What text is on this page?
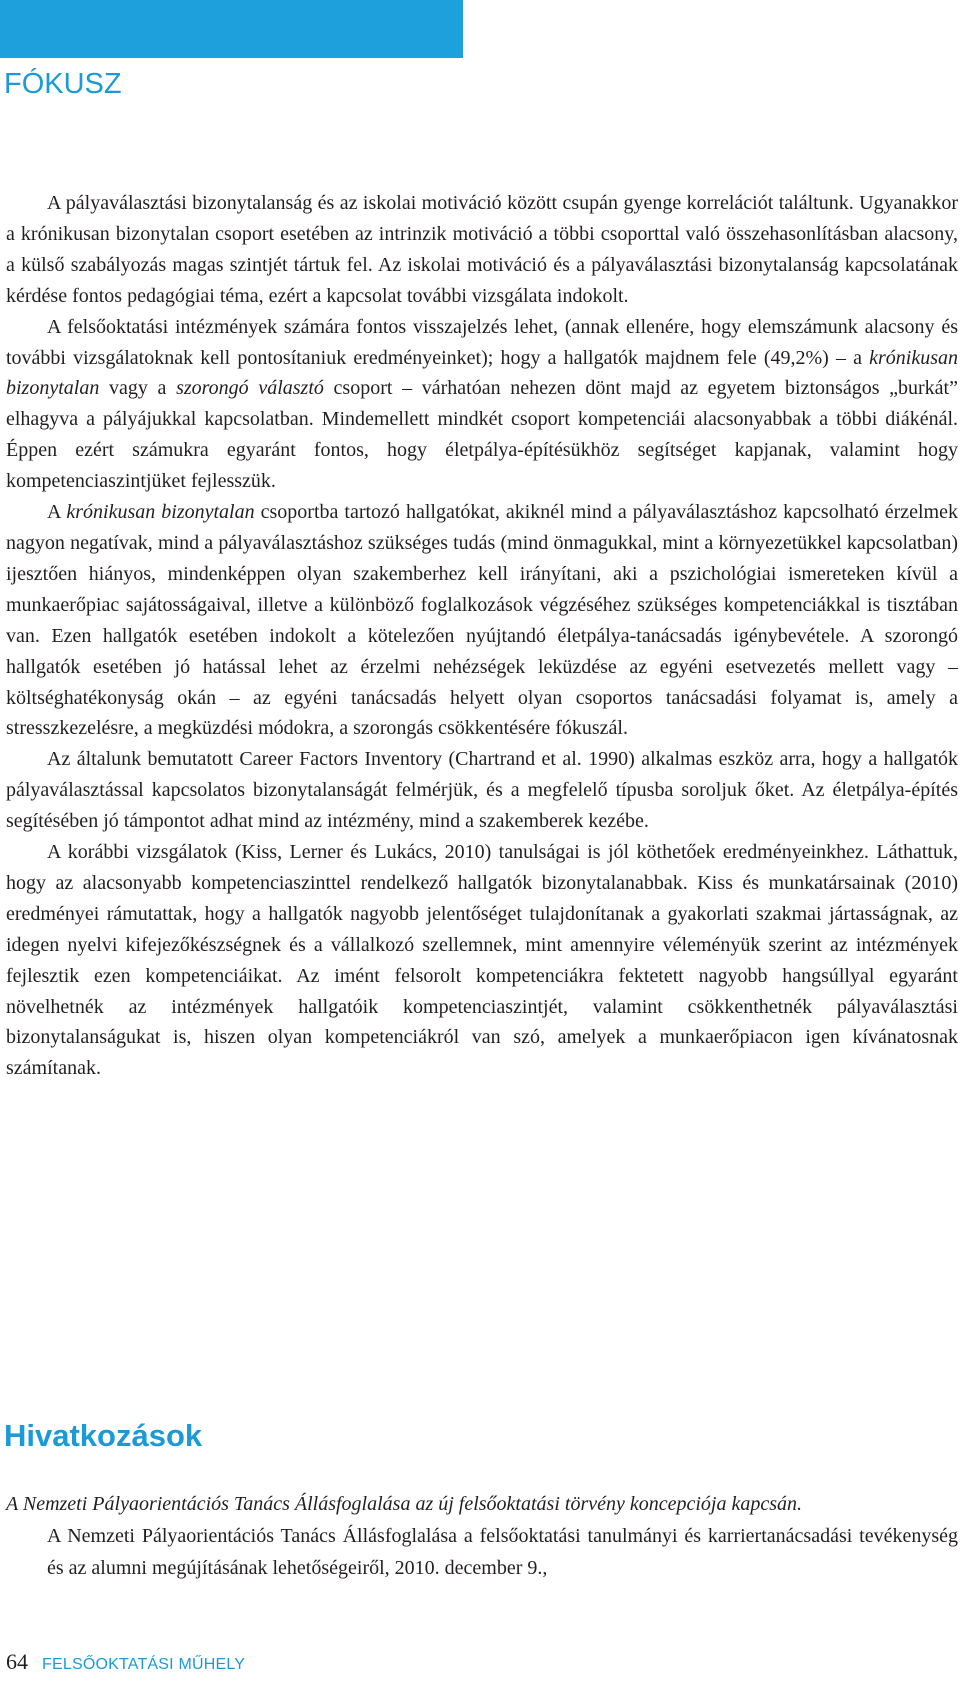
FÓKUSZ

A pályaválasztási bizonytalanság és az iskolai motiváció között csupán gyenge korrelációt találtunk. Ugyanakkor a krónikusan bizonytalan csoport esetében az intrinzik motiváció a többi csoporttal való összehasonlításban alacsony, a külső szabályozás magas szintjét tártuk fel. Az iskolai motiváció és a pályaválasztási bizonytalanság kapcsolatának kérdése fontos pedagógiai téma, ezért a kapcsolat további vizsgálata indokolt.

A felsőoktatási intézmények számára fontos visszajelzés lehet, (annak ellenére, hogy elemszámunk alacsony és további vizsgálatoknak kell pontosítaniuk eredményeinket); hogy a hallgatók majdnem fele (49,2%) ‒ a krónikusan bizonytalan vagy a szorongó választó csoport ‒ várhatóan nehezen dönt majd az egyetem biztonságos „burkát” elhagyva a pályájukkal kapcsolatban. Mindemellett mindkét csoport kompetenciái alacsonyabbak a többi diákénál. Éppen ezért számukra egyaránt fontos, hogy életpálya-építésükhöz segítséget kapjanak, valamint hogy kompetenciaszintjüket fejlesszük.

A krónikusan bizonytalan csoportba tartozó hallgatókat, akiknél mind a pályaválasztáshoz kapcsolható érzelmek nagyon negatívak, mind a pályaválasztáshoz szükséges tudás (mind önmagukkal, mint a környezetükkel kapcsolatban) ijesztően hiányos, mindenképpen olyan szakemberhez kell irányítani, aki a pszichológiai ismereteken kívül a munkaerőpiac sajátosságaival, illetve a különböző foglalkozások végzéséhez szükséges kompetenciákkal is tisztában van. Ezen hallgatók esetében indokolt a kötelezően nyújtandó életpálya-tanácsadás igénybevétele. A szorongó hallgatók esetében jó hatással lehet az érzelmi nehézségek leküzdése az egyéni esetvezetés mellett vagy ‒ költséghatékonyság okán ‒ az egyéni tanácsadás helyett olyan csoportos tanácsadási folyamat is, amely a stresszkezelésre, a megküzdési módokra, a szorongás csökkentésére fókuszál.

Az általunk bemutatott Career Factors Inventory (Chartrand et al. 1990) alkalmas eszköz arra, hogy a hallgatók pályaválasztással kapcsolatos bizonytalanságát felmérjük, és a megfelelő típusba soroljuk őket. Az életpálya-építés segítésében jó támpontot adhat mind az intézmény, mind a szakemberek kezébe.

A korábbi vizsgálatok (Kiss, Lerner és Lukács, 2010) tanulságai is jól köthetőek eredményeinkhez. Láthattuk, hogy az alacsonyabb kompetenciaszinttel rendelkező hallgatók bizonytalanabbak. Kiss és munkatársainak (2010) eredményei rámutattak, hogy a hallgatók nagyobb jelentőséget tulajdonítanak a gyakorlati szakmai jártasságnak, az idegen nyelvi kifejezőkészségnek és a vállalkozó szellemnek, mint amennyire véleményük szerint az intézmények fejlesztik ezen kompetenciáikat. Az imént felsorolt kompetenciákra fektetett nagyobb hangsúllyal egyaránt növelhetnék az intézmények hallgatóik kompetenciaszintjét, valamint csökkenthetnék pályaválasztási bizonytalanságukat is, hiszen olyan kompetenciákról van szó, amelyek a munkaerőpiacon igen kívánatosnak számítanak.

Hivatkozások

A Nemzeti Pályaorientációs Tanács Állásfoglalása az új felsőoktatási törvény koncepciója kapcsán.

A Nemzeti Pályaorientációs Tanács Állásfoglalása a felsőoktatási tanulmányi és karriertanácsadási tevékenység és az alumni megújításának lehetőségeiről, 2010. december 9.,

64 FELSŐOKTATÁSI MŰHELY
